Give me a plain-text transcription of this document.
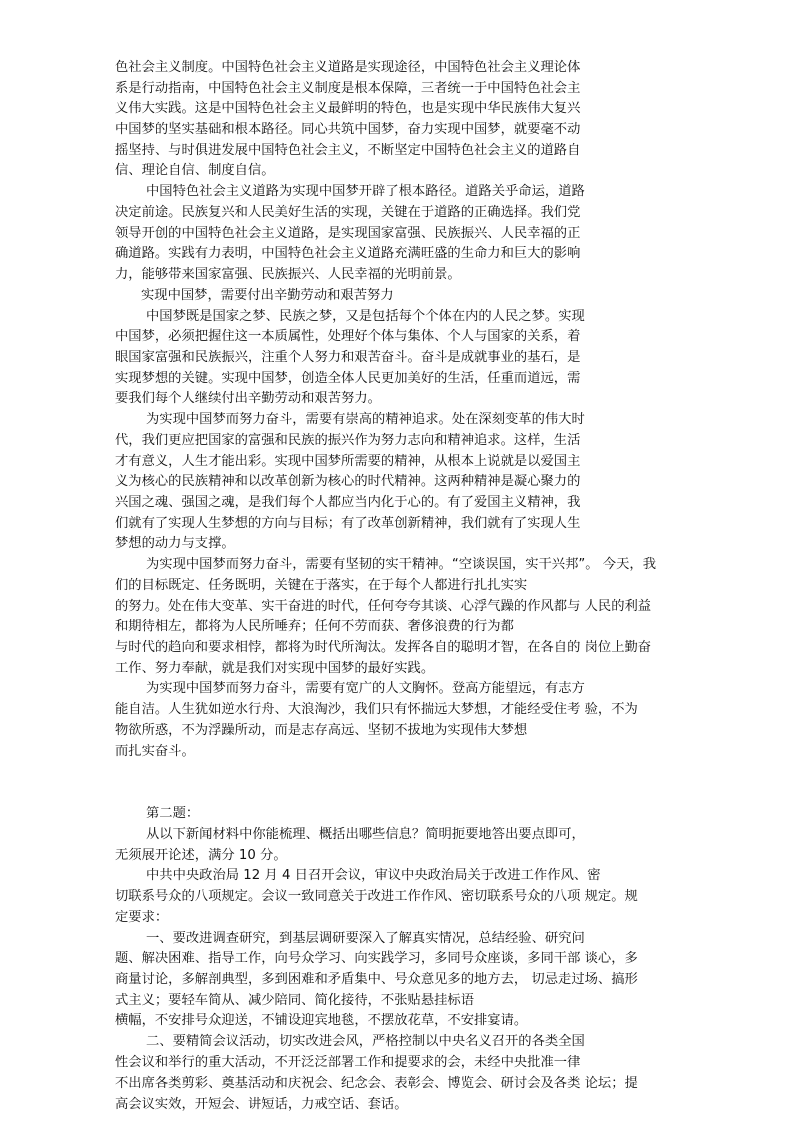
色社会主义制度。中国特色社会主义道路是实现途径，中国特色社会主义理论体

系是行动指南，中国特色社会主义制度是根本保障，三者统一于中国特色社会主

义伟大实践。这是中国特色社会主义最鲜明的特色，也是实现中华民族伟大复兴

中国梦的坚实基础和根本路径。同心共筑中国梦，奋力实现中国梦，就要毫不动

摇坚持、与时俱进发展中国特色社会主义，不断坚定中国特色社会主义的道路自

信、理论自信、制度自信。

中国特色社会主义道路为实现中国梦开辟了根本路径。道路关乎命运，道路

决定前途。民族复兴和人民美好生活的实现，关键在于道路的正确选择。我们党

领导开创的中国特色社会主义道路，是实现国家富强、民族振兴、人民幸福的正

确道路。实践有力表明，中国特色社会主义道路充满旺盛的生命力和巨大的影响

力，能够带来国家富强、民族振兴、人民幸福的光明前景。

实现中国梦，需要付出辛勤劳动和艰苦努力

中国梦既是国家之梦、民族之梦，又是包括每个个体在内的人民之梦。实现

中国梦，必须把握住这一本质属性，处理好个体与集体、个人与国家的关系，着

眼国家富强和民族振兴，注重个人努力和艰苦奋斗。奋斗是成就事业的基石，是

实现梦想的关键。实现中国梦，创造全体人民更加美好的生活，任重而道远，需

要我们每个人继续付出辛勤劳动和艰苦努力。

为实现中国梦而努力奋斗，需要有崇高的精神追求。处在深刻变革的伟大时

代，我们更应把国家的富强和民族的振兴作为努力志向和精神追求。这样，生活

才有意义，人生才能出彩。实现中国梦所需要的精神，从根本上说就是以爱国主

义为核心的民族精神和以改革创新为核心的时代精神。这两种精神是凝心聚力的

兴国之魂、强国之魂，是我们每个人都应当内化于心的。有了爱国主义精神，我

们就有了实现人生梦想的方向与目标；有了改革创新精神，我们就有了实现人生

梦想的动力与支撑。

为实现中国梦而努力奋斗，需要有坚韧的实干精神。“空谈误国，实干兴邦”。 今天，我

们的目标既定、任务既明，关键在于落实，在于每个人都进行扎扎实实

的努力。处在伟大变革、实干奋进的时代，任何夸夸其谈、心浮气躁的作风都与 人民的利益

和期待相左，都将为人民所唾弃；任何不劳而获、奢侈浪费的行为都

与时代的趋向和要求相悖，都将为时代所淘汰。发挥各自的聪明才智，在各自的 岗位上勤奋

工作、努力奉献，就是我们对实现中国梦的最好实践。

为实现中国梦而努力奋斗，需要有宽广的人文胸怀。登高方能望远，有志方

能自洁。人生犹如逆水行舟、大浪淘沙，我们只有怀揣远大梦想，才能经受住考 验，不为

物欲所惑，不为浮躁所动，而是志存高远、坚韧不拔地为实现伟大梦想

而扎实奋斗。

第二题：

从以下新闻材料中你能梳理、概括出哪些信息？简明扼要地答出要点即可，

无须展开论述，满分 10 分。

中共中央政治局 12 月 4 日召开会议，审议中央政治局关于改进工作作风、密

切联系号众的八项规定。会议一致同意关于改进工作作风、密切联系号众的八项 规定。规

定要求：

一、要改进调查研究，到基层调研要深入了解真实情况，总结经验、研究问

题、解决困难、指导工作，向号众学习、向实践学习，多同号众座谈，多同干部 谈心，多

商量讨论，多解剖典型，多到困难和矛盾集中、号众意见多的地方去， 切忌走过场、搞形

式主义；要轻车简从、减少陪同、简化接待，不张贴悬挂标语

横幅，不安排号众迎送，不铺设迎宾地毯，不摆放花草，不安排宴请。

二、要精简会议活动，切实改进会风，严格控制以中央名义召开的各类全国

性会议和举行的重大活动，不开泛泛部署工作和提要求的会，未经中央批准一律

不出席各类剪彩、奠基活动和庆祝会、纪念会、表彰会、博览会、研讨会及各类 论坛；提

高会议实效，开短会、讲短话，力戒空话、套话。
